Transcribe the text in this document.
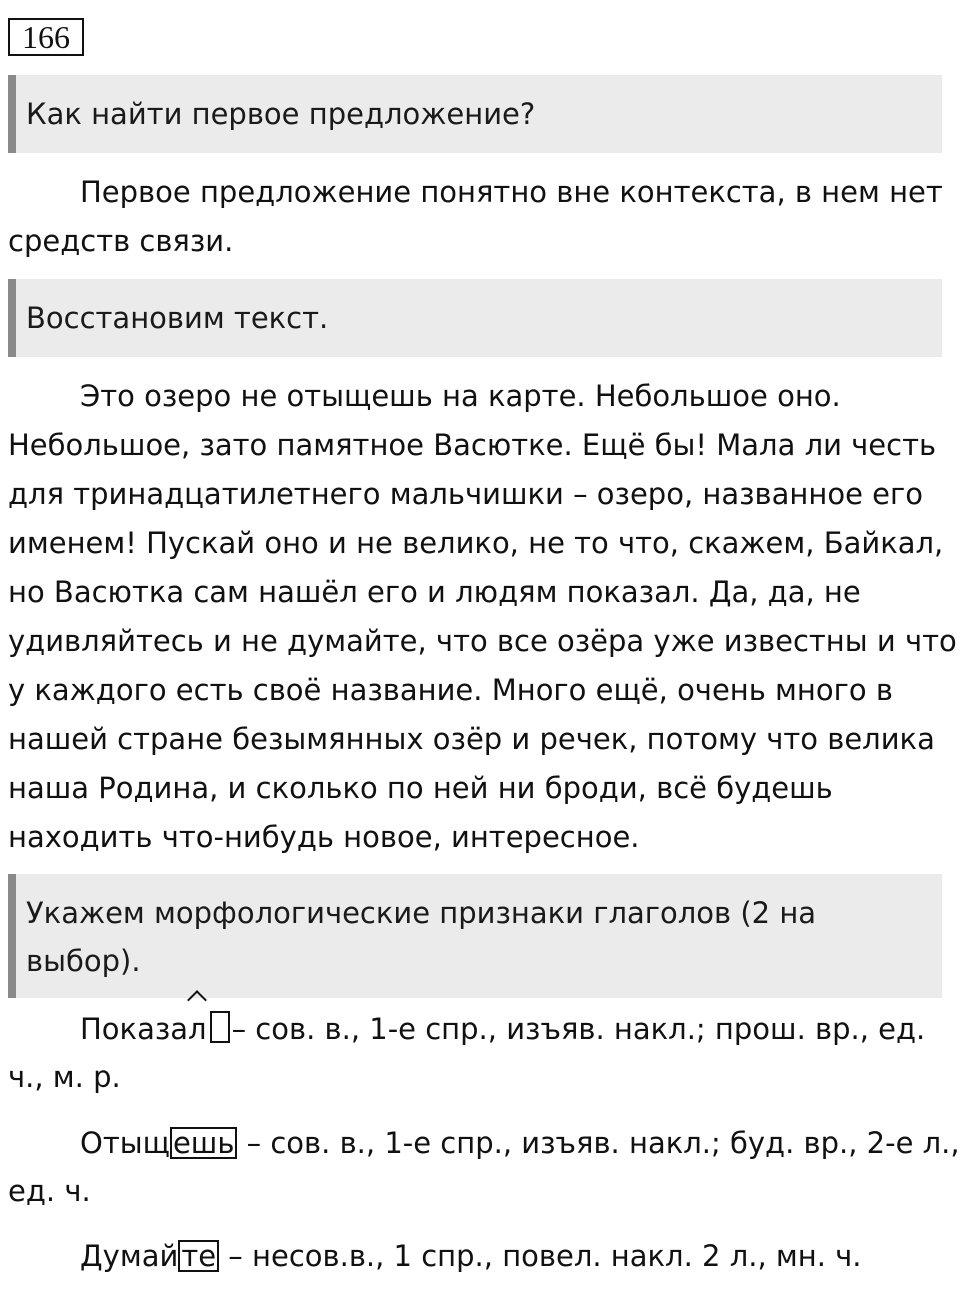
166
Как найти первое предложение?
Первое предложение понятно вне контекста, в нем нет
средств связи.
Восстановим текст.
Это озеро не отыщешь на карте. Небольшое оно.
Небольшое, зато памятное Васютке. Ещё бы! Мала ли честь
для тринадцатилетнего мальчишки – озеро, названное его
именем! Пускай оно и не велико, не то что, скажем, Байкал,
но Васютка сам нашёл его и людям показал. Да, да, не
удивляйтесь и не думайте, что все озёра уже известны и что
у каждого есть своё название. Много ещё, очень много в
нашей стране безымянных озёр и речек, потому что велика
наша Родина, и сколько по ней ни броди, всё будешь
находить что-нибудь новое, интересное.
Укажем морфологические признаки глаголов (2 на
выбор).
Показал – сов. в., 1-е спр., изъяв. накл.; прош. вр., ед.
ч., м. р.
Отыщ ешь – сов. в., 1-е спр., изъяв. накл.; буд. вр., 2-е л.,
ед. ч.
Думай те – несов.в., 1 спр., повел. накл. 2 л., мн. ч.
